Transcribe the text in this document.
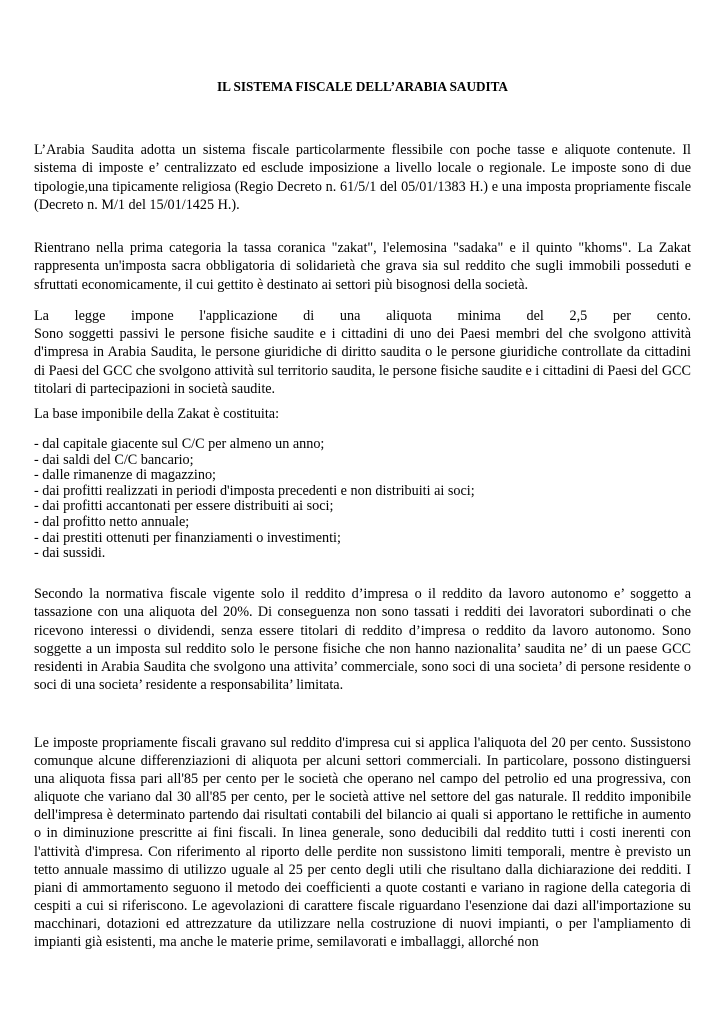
IL SISTEMA FISCALE DELL’ARABIA SAUDITA

L’Arabia Saudita adotta un sistema fiscale particolarmente flessibile con poche tasse e aliquote contenute. Il sistema di imposte e’ centralizzato ed esclude imposizione a livello locale o regionale. Le imposte sono di due tipologie,una tipicamente religiosa (Regio Decreto n. 61/5/1 del 05/01/1383 H.) e una imposta propriamente fiscale (Decreto n. M/1 del 15/01/1425 H.).

Rientrano nella prima categoria la tassa coranica "zakat", l'elemosina "sadaka" e il quinto "khoms". La Zakat rappresenta un'imposta sacra obbligatoria di solidarietà che grava sia sul reddito che sugli immobili posseduti e sfruttati economicamente, il cui gettito è destinato ai settori più bisognosi della società.

La legge impone l'applicazione di una aliquota minima del 2,5 per cento.

Sono soggetti passivi le persone fisiche saudite e i cittadini di uno dei Paesi membri del che svolgono attività d'impresa in Arabia Saudita, le persone giuridiche di diritto saudita o le persone giuridiche controllate da cittadini di Paesi del GCC che svolgono attività sul territorio saudita, le persone fisiche saudite e i cittadini di Paesi del GCC titolari di partecipazioni in società saudite.

La base imponibile della Zakat è costituita:

- dal capitale giacente sul C/C per almeno un anno;
- dai saldi del C/C bancario;
- dalle rimanenze di magazzino;
- dai profitti realizzati in periodi d'imposta precedenti e non distribuiti ai soci;
- dai profitti accantonati per essere distribuiti ai soci;
- dal profitto netto annuale;
- dai prestiti ottenuti per finanziamenti o investimenti;
- dai sussidi.

Secondo la normativa fiscale vigente solo il reddito d’impresa o il reddito da lavoro autonomo e’ soggetto a tassazione con una aliquota del 20%. Di conseguenza non sono tassati i redditi dei lavoratori subordinati o che ricevono interessi o dividendi, senza essere titolari di reddito d’impresa o reddito da lavoro autonomo. Sono soggette a un imposta sul reddito solo le persone fisiche che non hanno nazionalita’ saudita ne’ di un paese GCC residenti in Arabia Saudita che svolgono una attivita’ commerciale, sono soci di una societa’ di persone residente o soci di una societa’ residente a responsabilita’ limitata.

Le imposte propriamente fiscali gravano sul reddito d'impresa cui si applica l'aliquota del 20 per cento. Sussistono comunque alcune differenziazioni di aliquota per alcuni settori commerciali. In particolare, possono distinguersi una aliquota fissa pari all'85 per cento per le società che operano nel campo del petrolio ed una progressiva, con aliquote che variano dal 30 all'85 per cento, per le società attive nel settore del gas naturale. Il reddito imponibile dell'impresa è determinato partendo dai risultati contabili del bilancio ai quali si apportano le rettifiche in aumento o in diminuzione prescritte ai fini fiscali. In linea generale, sono deducibili dal reddito tutti i costi inerenti con l'attività d'impresa. Con riferimento al riporto delle perdite non sussistono limiti temporali, mentre è previsto un tetto annuale massimo di utilizzo uguale al 25 per cento degli utili che risultano dalla dichiarazione dei redditi. I piani di ammortamento seguono il metodo dei coefficienti a quote costanti e variano in ragione della categoria di cespiti a cui si riferiscono. Le agevolazioni di carattere fiscale riguardano l'esenzione dai dazi all'importazione su macchinari, dotazioni ed attrezzature da utilizzare nella costruzione di nuovi impianti, o per l'ampliamento di impianti già esistenti, ma anche le materie prime, semilavorati e imballaggi, allorché non
